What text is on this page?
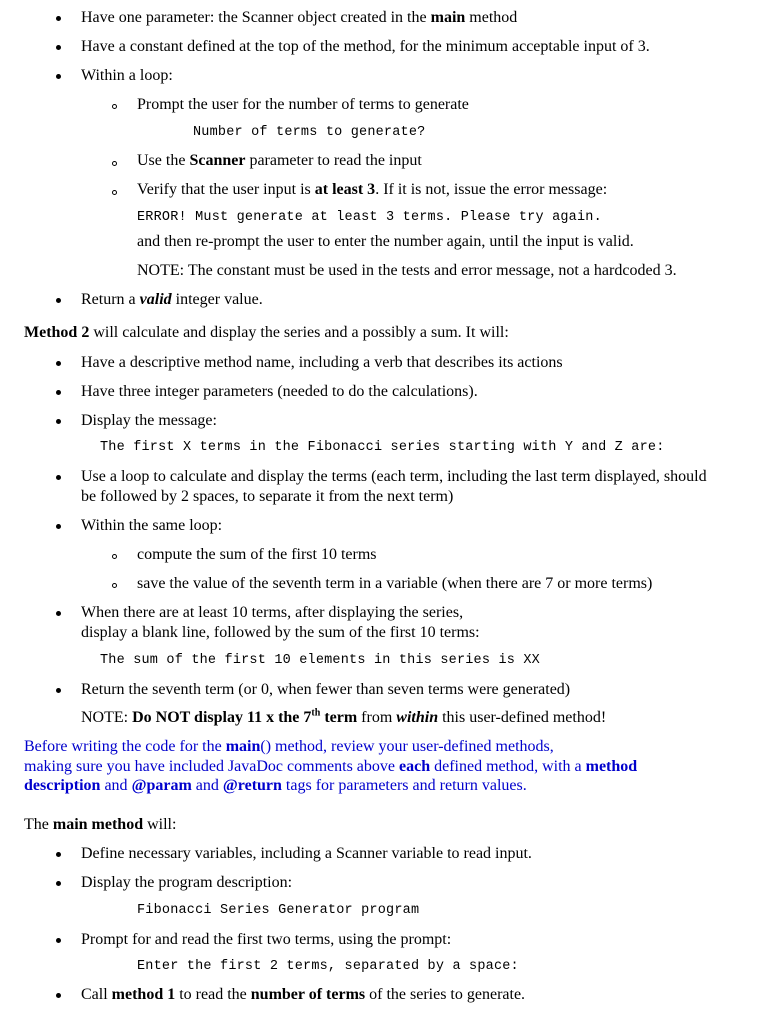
Have one parameter: the Scanner object created in the main method
Have a constant defined at the top of the method, for the minimum acceptable input of 3.
Within a loop:
Prompt the user for the number of terms to generate
Number of terms to generate?
Use the Scanner parameter to read the input
Verify that the user input is at least 3. If it is not, issue the error message:
ERROR! Must generate at least 3 terms. Please try again.
and then re-prompt the user to enter the number again, until the input is valid.
NOTE: The constant must be used in the tests and error message, not a hardcoded 3.
Return a valid integer value.
Method 2 will calculate and display the series and a possibly a sum. It will:
Have a descriptive method name, including a verb that describes its actions
Have three integer parameters (needed to do the calculations).
Display the message:
The first X terms in the Fibonacci series starting with Y and Z are:
Use a loop to calculate and display the terms (each term, including the last term displayed, should
be followed by 2 spaces, to separate it from the next term)
Within the same loop:
compute the sum of the first 10 terms
save the value of the seventh term in a variable (when there are 7 or more terms)
When there are at least 10 terms, after displaying the series,
display a blank line, followed by the sum of the first 10 terms:
The sum of the first 10 elements in this series is XX
Return the seventh term (or 0, when fewer than seven terms were generated)
NOTE: Do NOT display 11 x the 7th term from within this user-defined method!
Before writing the code for the main() method, review your user-defined methods,
making sure you have included JavaDoc comments above each defined method, with a method
description and @param and @return tags for parameters and return values.
The main method will:
Define necessary variables, including a Scanner variable to read input.
Display the program description:
Fibonacci Series Generator program
Prompt for and read the first two terms, using the prompt:
Enter the first 2 terms, separated by a space:
Call method 1 to read the number of terms of the series to generate.
